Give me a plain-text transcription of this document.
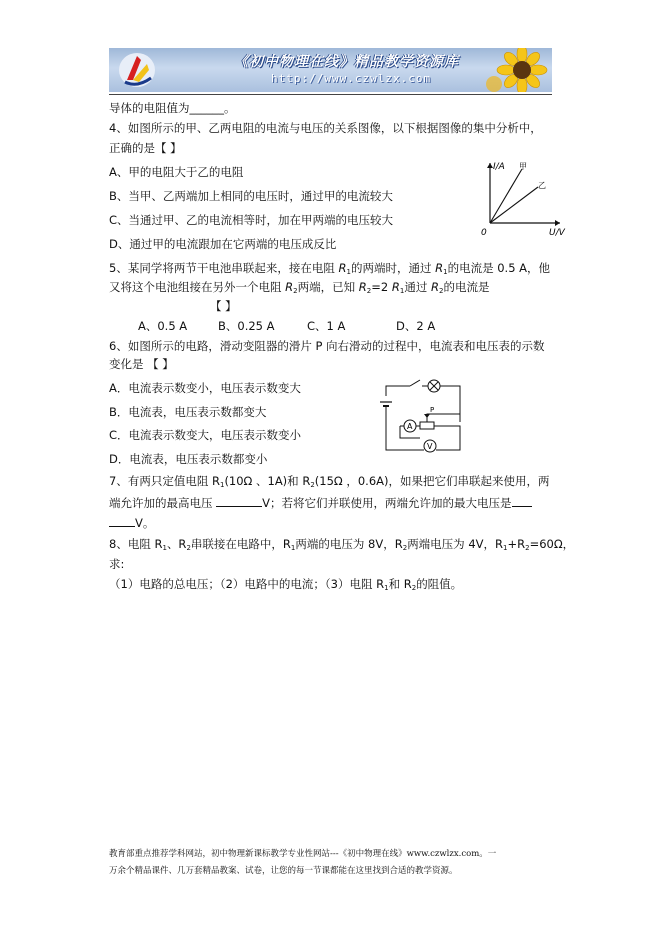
《初中物理在线》精品教学资源库
http://www.czwlzx.com
导体的电阻值为______。
4、如图所示的甲、乙两电阻的电流与电压的关系图像，以下根据图像的集中分析中，
正确的是【 】
A、甲的电阻大于乙的电阻
B、当甲、乙两端加上相同的电压时，通过甲的电流较大
C、当通过甲、乙的电流相等时，加在甲两端的电压较大
D、通过甲的电流跟加在它两端的电压成反比
I/A
U/V
0
甲
乙
5、某同学将两节干电池串联起来，接在电阻 $R_1$的两端时，通过 $R_1$的电流是 0.5 A，他
又将这个电池组接在另外一个电阻 $R_2$两端，已知 $R_2=2$ $R_1$通过 $R_2$的电流是
【 】
A、0.5 A	B、0.25 A	C、1 A	D、2 A
6、如图所示的电路，滑动变阻器的滑片 P 向右滑动的过程中，电流表和电压表的示数
变化是 【 】
A．电流表示数变小，电压表示数变大
B．电流表，电压表示数都变大
C．电流表示数变大，电压表示数变小
D．电流表，电压表示数都变小
A
V
P
7、有两只定值电阻 $R_1(10\Omega$ 、1A)和 $R_2(15\Omega$ ，0.6A)，如果把它们串联起来使用，两
端允许加的最高电压	V；若将它们并联使用，两端允许加的最大电压是
V。
8、电阻 $R_1$、$R_2$串联接在电路中，$R_1$两端的电压为 8V，$R_2$两端电压为 4V，$R_1+R_2=60\Omega$，
求:
（1）电路的总电压；（2）电路中的电流；（3）电阻 $R_1$和 $R_2$的阻值。
教育部重点推荐学科网站，初中物理新课标教学专业性网站---《初中物理在线》www.czwlzx.com。一
万余个精品课件、几万套精品教案、试卷，让您的每一节课都能在这里找到合适的教学资源。
